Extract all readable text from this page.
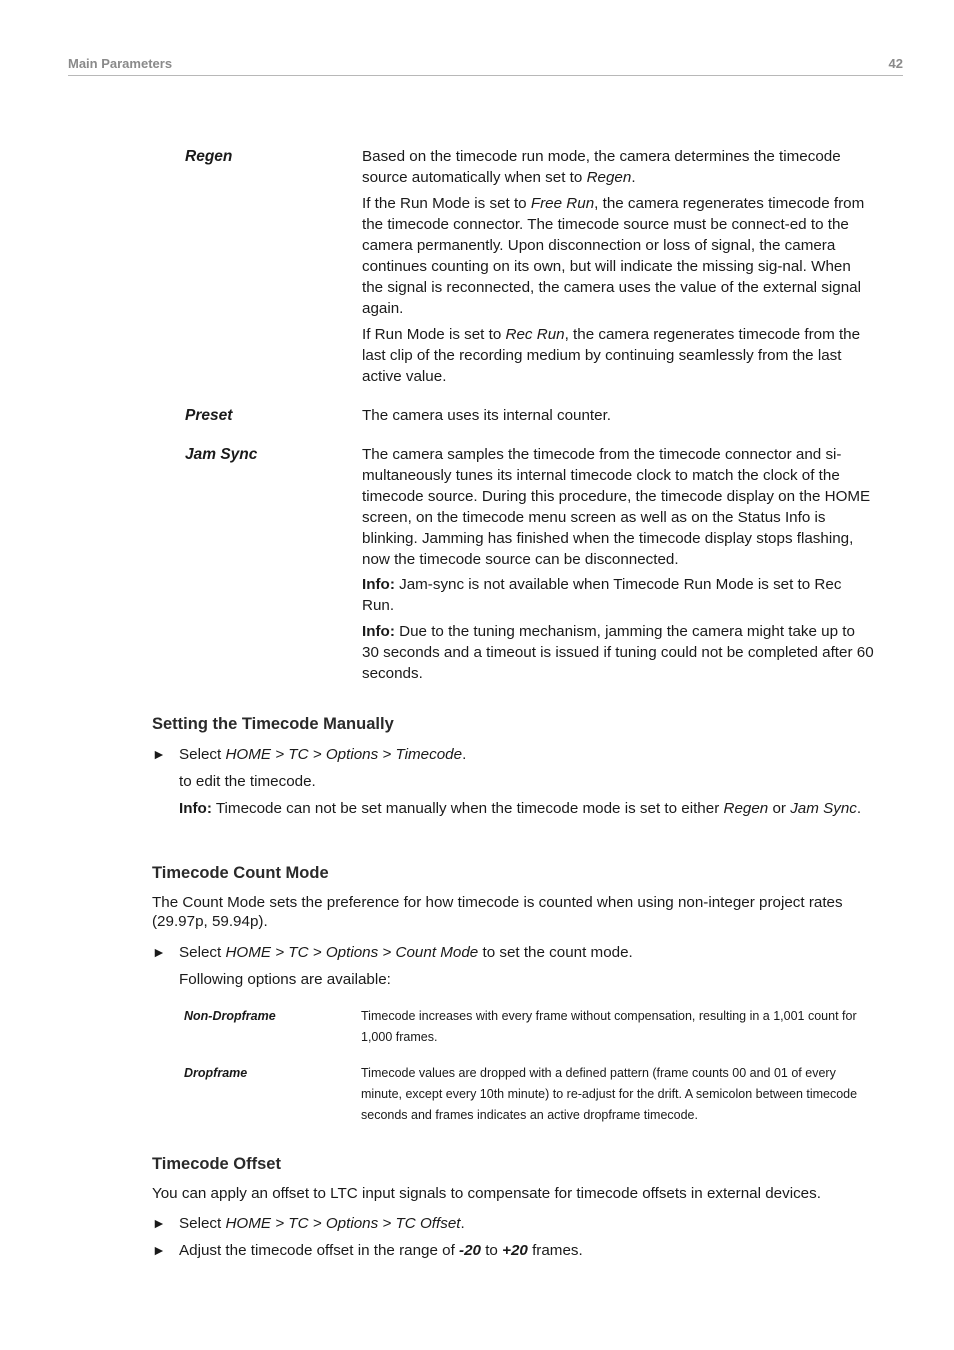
Main Parameters	42
Regen	Based on the timecode run mode, the camera determines the timecode source automatically when set to Regen.
If the Run Mode is set to Free Run, the camera regenerates timecode from the timecode connector. The timecode source must be connect-ed to the camera permanently. Upon disconnection or loss of signal, the camera continues counting on its own, but will indicate the missing sig-nal. When the signal is reconnected, the camera uses the value of the external signal again.
If Run Mode is set to Rec Run, the camera regenerates timecode from the last clip of the recording medium by continuing seamlessly from the last active value.
Preset	The camera uses its internal counter.
Jam Sync	The camera samples the timecode from the timecode connector and si-multaneously tunes its internal timecode clock to match the clock of the timecode source. During this procedure, the timecode display on the HOME screen, on the timecode menu screen as well as on the Status Info is blinking. Jamming has finished when the timecode display stops flashing, now the timecode source can be disconnected.
Info: Jam-sync is not available when Timecode Run Mode is set to Rec Run.
Info: Due to the tuning mechanism, jamming the camera might take up to 30 seconds and a timeout is issued if tuning could not be completed after 60 seconds.
Setting the Timecode Manually
► Select HOME > TC > Options > Timecode.
to edit the timecode.
Info: Timecode can not be set manually when the timecode mode is set to either Regen or Jam Sync.
Timecode Count Mode
The Count Mode sets the preference for how timecode is counted when using non-integer project rates (29.97p, 59.94p).
► Select HOME > TC > Options > Count Mode to set the count mode.
Following options are available:
Non-Dropframe	Timecode increases with every frame without compensation, resulting in a 1,001 count for 1,000 frames.
Dropframe	Timecode values are dropped with a defined pattern (frame counts 00 and 01 of every minute, except every 10th minute) to re-adjust for the drift. A semicolon between timecode seconds and frames indicates an active dropframe timecode.
Timecode Offset
You can apply an offset to LTC input signals to compensate for timecode offsets in external devices.
► Select HOME > TC > Options > TC Offset.
► Adjust the timecode offset in the range of -20 to +20 frames.
